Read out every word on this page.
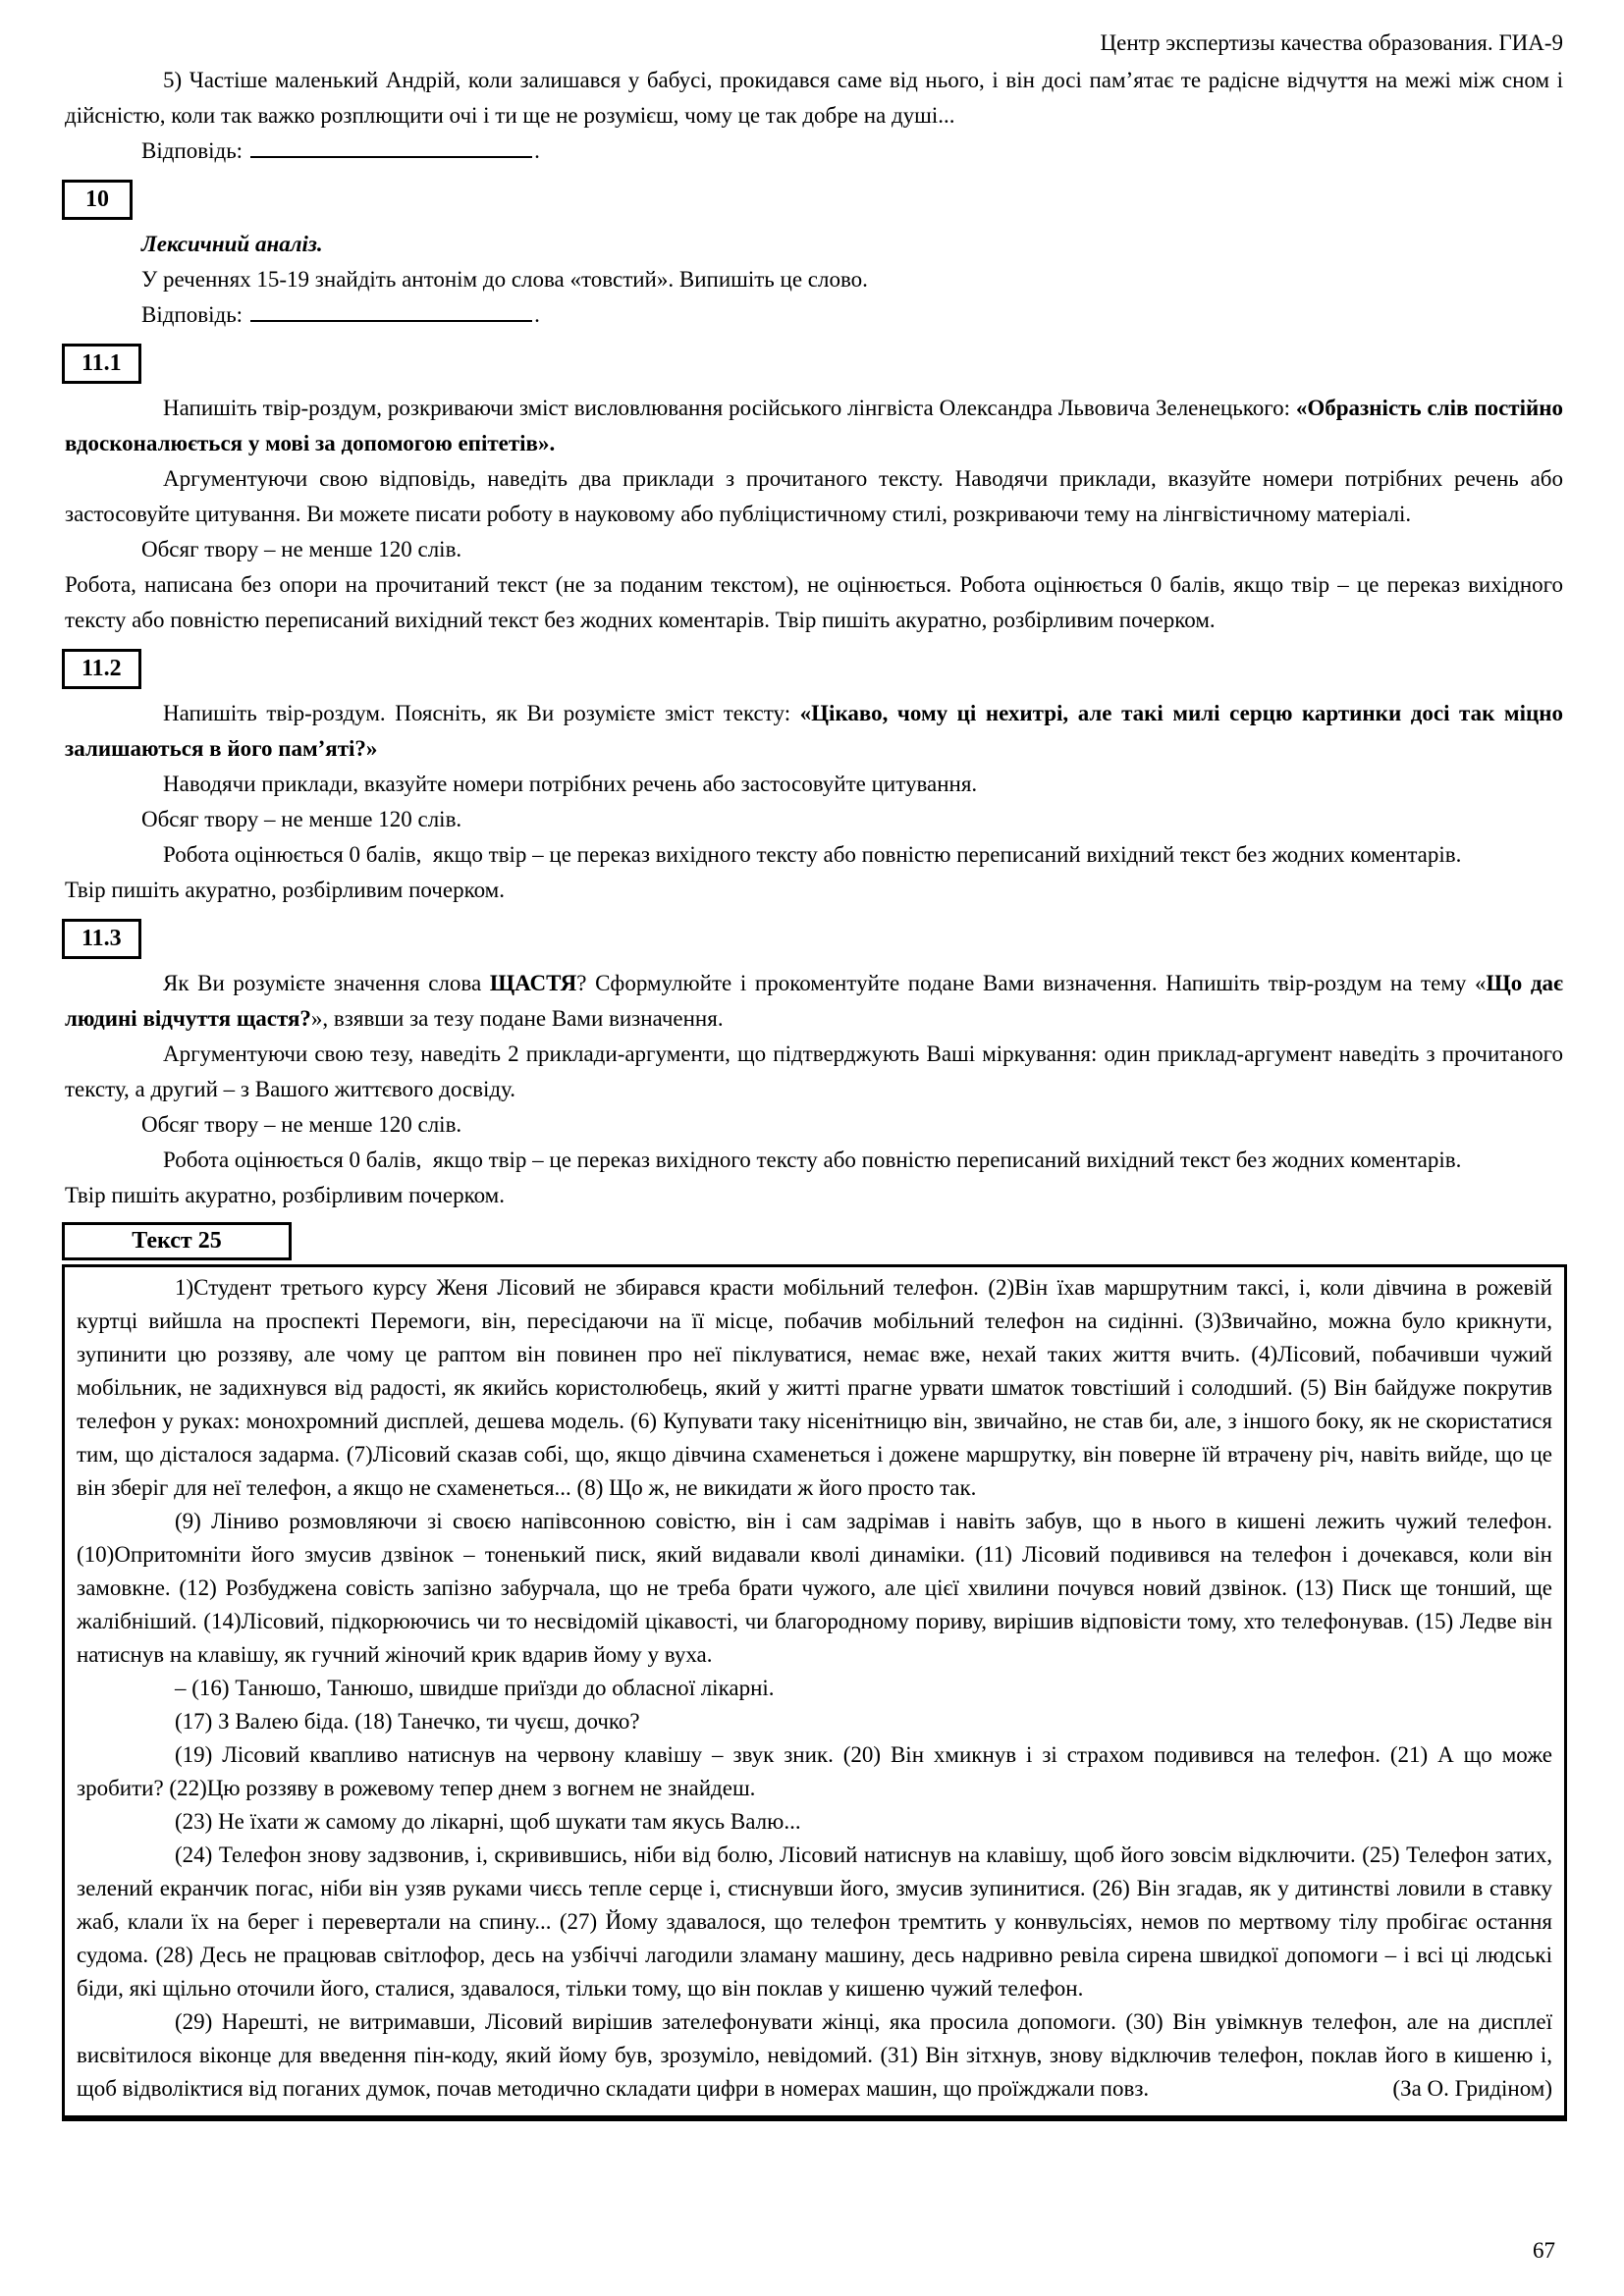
Центр экспертизы качества образования. ГИА-9

5) Частіше маленький Андрій, коли залишався у бабусі, прокидався саме від нього, і він досі пам’ятає те радісне відчуття на межі між сном і дійсністю, коли так важко розплющити очі і ти ще не розумієш, чому це так добре на душі...

Відповідь:	.

10

Лексичний аналіз.

У реченнях 15-19 знайдіть антонім до слова «товстий». Випишіть це слово.

Відповідь:	.

11.1

Напишіть твір-роздум, розкриваючи зміст висловлювання російського лінгвіста Олександра Львовича Зеленецького: «Образність слів постійно вдосконалюється у мові за допомогою епітетів».

Аргументуючи свою відповідь, наведіть два приклади з прочитаного тексту. Наводячи приклади, вказуйте номери потрібних речень або застосовуйте цитування. Ви можете писати роботу в науковому або публіцистичному стилі, розкриваючи тему на лінгвістичному матеріалі.

Обсяг твору – не менше 120 слів.

Робота, написана без опори на прочитаний текст (не за поданим текстом), не оцінюється. Робота оцінюється 0 балів, якщо твір – це переказ вихідного тексту або повністю переписаний вихідний текст без жодних коментарів. Твір пишіть акуратно, розбірливим почерком.

11.2

Напишіть твір-роздум. Поясніть, як Ви розумієте зміст тексту: «Цікаво, чому ці нехитрі, але такі милі серцю картинки досі так міцно залишаються в його пам’яті?»

Наводячи приклади, вказуйте номери потрібних речень або застосовуйте цитування.

Обсяг твору – не менше 120 слів.

Робота оцінюється 0 балів,  якщо твір – це переказ вихідного тексту або повністю переписаний вихідний текст без жодних коментарів.

Твір пишіть акуратно, розбірливим почерком.

11.3

Як Ви розумієте значення слова ЩАСТЯ? Сформулюйте і прокоментуйте подане Вами визначення. Напишіть твір-роздум на тему «Що дає людині відчуття щастя?», взявши за тезу подане Вами визначення.

Аргументуючи свою тезу, наведіть 2 приклади-аргументи, що підтверджують Ваші міркування: один приклад-аргумент наведіть з прочитаного тексту, а другий – з Вашого життєвого досвіду.

Обсяг твору – не менше 120 слів.

Робота оцінюється 0 балів,  якщо твір – це переказ вихідного тексту або повністю переписаний вихідний текст без жодних коментарів.

Твір пишіть акуратно, розбірливим почерком.

Текст 25

1)Студент третього курсу Женя Лісовий не збирався красти мобільний телефон. (2)Він їхав маршрутним таксі, і, коли дівчина в рожевій куртці вийшла на проспекті Перемоги, він, пересідаючи на її місце, побачив мобільний телефон на сидінні. (3)Звичайно, можна було крикнути, зупинити цю роззяву, але чому це раптом він повинен про неї піклуватися, немає вже, нехай таких життя вчить. (4)Лісовий, побачивши чужий мобільник, не задихнувся від радості, як якийсь користолюбець, який у житті прагне урвати шматок товстіший і солодший. (5) Він байдуже покрутив телефон у руках: монохромний дисплей, дешева модель. (6) Купувати таку нісенітницю він, звичайно, не став би, але, з іншого боку, як не скористатися тим, що дісталося задарма. (7)Лісовий сказав собі, що, якщо дівчина схаменеться і дожене маршрутку, він поверне їй втрачену річ, навіть вийде, що це він зберіг для неї телефон, а якщо не схаменеться... (8) Що ж, не викидати ж його просто так.

(9) Ліниво розмовляючи зі своєю напівсонною совістю, він і сам задрімав і навіть забув, що в нього в кишені лежить чужий телефон. (10)Опритомніти його змусив дзвінок – тоненький писк, який видавали кволі динаміки. (11) Лісовий подивився на телефон і дочекався, коли він замовкне. (12) Розбуджена совість запізно забурчала, що не треба брати чужого, але цієї хвилини почувся новий дзвінок. (13) Писк ще тонший, ще жалібніший. (14)Лісовий, підкорюючись чи то несвідомій цікавості, чи благородному пориву, вирішив відповісти тому, хто телефонував. (15) Ледве він натиснув на клавішу, як гучний жіночий крик вдарив йому у вуха.

– (16) Танюшо, Танюшо, швидше приїзди до обласної лікарні.

(17) З Валею біда. (18) Танечко, ти чуєш, дочко?

(19) Лісовий квапливо натиснув на червону клавішу – звук зник. (20) Він хмикнув і зі страхом подивився на телефон. (21) А що може зробити? (22)Цю роззяву в рожевому тепер днем з вогнем не знайдеш.

(23) Не їхати ж самому до лікарні, щоб шукати там якусь Валю...

(24) Телефон знову задзвонив, і, скривившись, ніби від болю, Лісовий натиснув на клавішу, щоб його зовсім відключити. (25) Телефон затих, зелений екранчик погас, ніби він узяв руками чиєсь тепле серце і, стиснувши його, змусив зупинитися. (26) Він згадав, як у дитинстві ловили в ставку жаб, клали їх на берег і перевертали на спину... (27) Йому здавалося, що телефон тремтить у конвульсіях, немов по мертвому тілу пробігає остання судома. (28) Десь не працював світлофор, десь на узбіччі лагодили зламану машину, десь надривно ревіла сирена швидкої допомоги – і всі ці людські біди, які щільно оточили його, сталися, здавалося, тільки тому, що він поклав у кишеню чужий телефон.

(29) Нарешті, не витримавши, Лісовий вирішив зателефонувати жінці, яка просила допомоги. (30) Він увімкнув телефон, але на дисплеї висвітилося віконце для введення пін-коду, який йому був, зрозуміло, невідомий. (31) Він зітхнув, знову відключив телефон, поклав його в кишеню і, щоб відволіктися від поганих думок, почав методично складати цифри в номерах машин, що проїжджали повз.	(За О. Гридіном)

67
